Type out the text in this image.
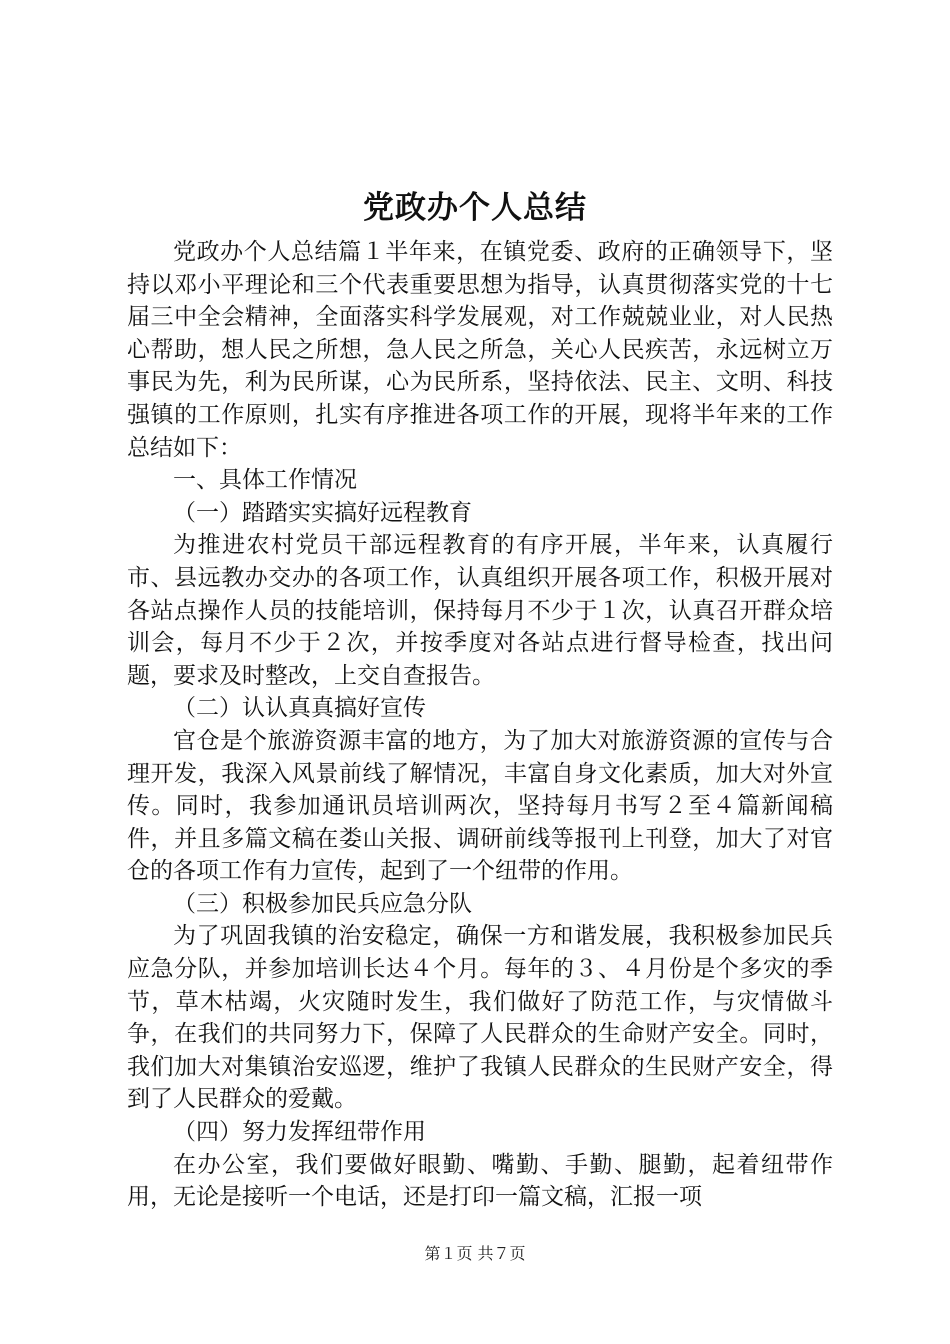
党政办个人总结

党政办个人总结篇１半年来，在镇党委、政府的正确领导下，坚持以邓小平理论和三个代表重要思想为指导，认真贯彻落实党的十七届三中全会精神，全面落实科学发展观，对工作兢兢业业，对人民热心帮助，想人民之所想，急人民之所急，关心人民疾苦，永远树立万事民为先，利为民所谋，心为民所系，坚持依法、民主、文明、科技强镇的工作原则，扎实有序推进各项工作的开展，现将半年来的工作总结如下：

一、具体工作情况

（一）踏踏实实搞好远程教育

为推进农村党员干部远程教育的有序开展，半年来，认真履行市、县远教办交办的各项工作，认真组织开展各项工作，积极开展对各站点操作人员的技能培训，保持每月不少于１次，认真召开群众培训会，每月不少于２次，并按季度对各站点进行督导检查，找出问题，要求及时整改，上交自查报告。

（二）认认真真搞好宣传

官仓是个旅游资源丰富的地方，为了加大对旅游资源的宣传与合理开发，我深入风景前线了解情况，丰富自身文化素质，加大对外宣传。同时，我参加通讯员培训两次，坚持每月书写２至４篇新闻稿件，并且多篇文稿在娄山关报、调研前线等报刊上刊登，加大了对官仓的各项工作有力宣传，起到了一个纽带的作用。

（三）积极参加民兵应急分队

为了巩固我镇的治安稳定，确保一方和谐发展，我积极参加民兵应急分队，并参加培训长达４个月。每年的３、４月份是个多灾的季节，草木枯竭，火灾随时发生，我们做好了防范工作，与灾情做斗争，在我们的共同努力下，保障了人民群众的生命财产安全。同时，我们加大对集镇治安巡逻，维护了我镇人民群众的生民财产安全，得到了人民群众的爱戴。

（四）努力发挥纽带作用

在办公室，我们要做好眼勤、嘴勤、手勤、腿勤，起着纽带作用，无论是接听一个电话，还是打印一篇文稿，汇报一项

第１页 共７页
